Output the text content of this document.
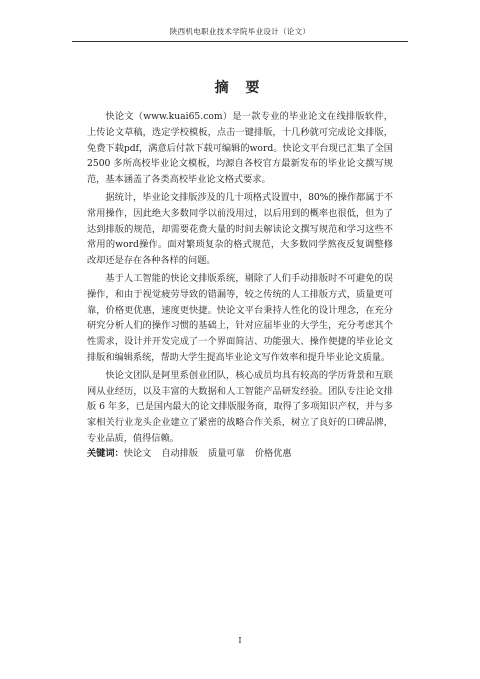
陕西机电职业技术学院毕业设计（论文）
摘 要

快论文（www.kuai65.com）是一款专业的毕业论文在线排版软件，上传论文草稿，选定学校模板，点击一键排版，十几秒就可完成论文排版，免费下载pdf，满意后付款下载可编辑的word。快论文平台现已汇集了全国 2500 多所高校毕业论文模板，均源自各校官方最新发布的毕业论文撰写规范，基本涵盖了各类高校毕业论文格式要求。

据统计，毕业论文排版涉及的几十项格式设置中，80%的操作都属于不常用操作，因此绝大多数同学以前没用过，以后用到的概率也很低，但为了达到排版的规范，却需要花费大量的时间去解读论文撰写规范和学习这些不常用的word操作。面对繁琐复杂的格式规范，大多数同学熬夜反复调整修改却还是存在各种各样的问题。

基于人工智能的快论文排版系统，剔除了人们手动排版时不可避免的误操作，和由于视觉疲劳导致的错漏等，较之传统的人工排版方式，质量更可靠，价格更优惠，速度更快捷。快论文平台秉持人性化的设计理念，在充分研究分析人们的操作习惯的基础上，针对应届毕业的大学生，充分考虑其个性需求，设计并开发完成了一个界面简洁、功能强大、操作便捷的毕业论文排版和编辑系统，帮助大学生提高毕业论文写作效率和提升毕业论文质量。

快论文团队是阿里系创业团队，核心成员均具有较高的学历背景和互联网从业经历，以及丰富的大数据和人工智能产品研发经验。团队专注论文排版 6 年多，已是国内最大的论文排版服务商，取得了多项知识产权，并与多家相关行业龙头企业建立了紧密的战略合作关系，树立了良好的口碑品牌，专业品质，值得信赖。

关键词：快论文 自动排版 质量可靠 价格优惠
I
